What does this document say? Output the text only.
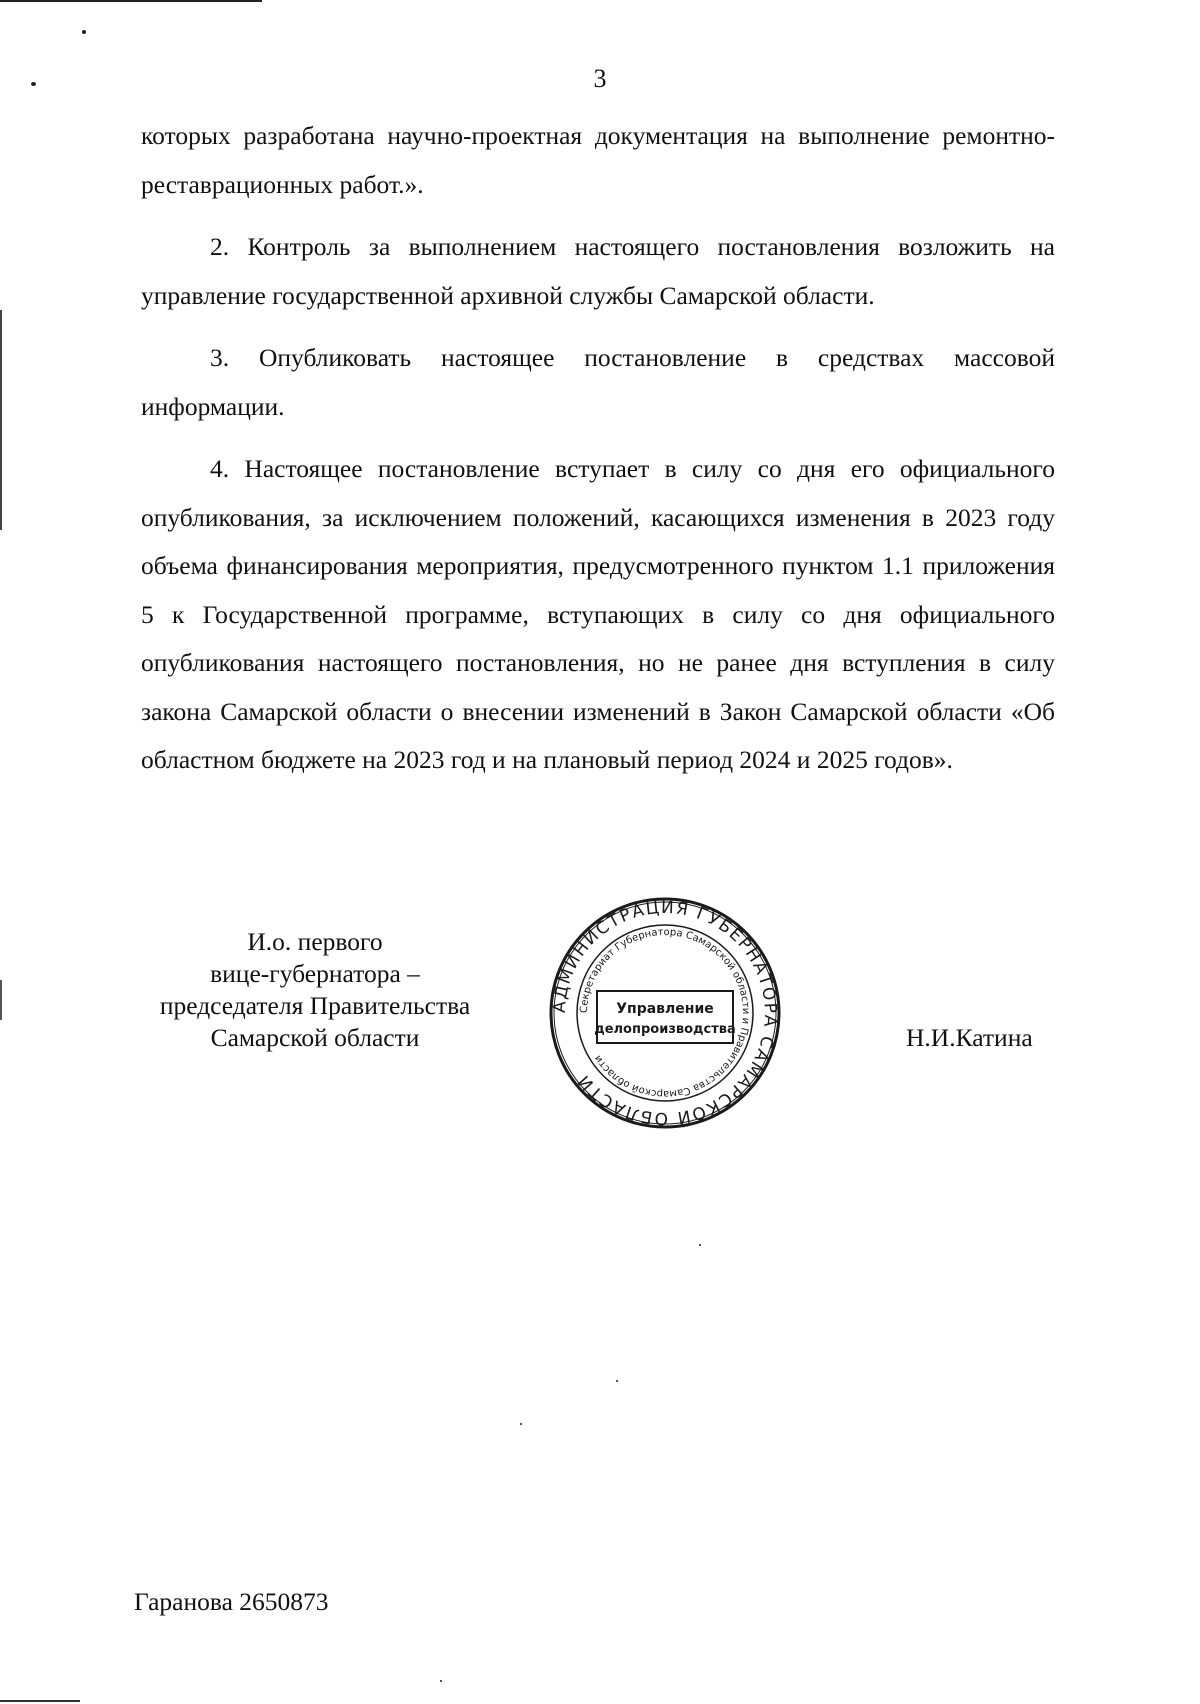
3

которых разработана научно-проектная документация на выполнение ремонтно-реставрационных работ.».

2. Контроль за выполнением настоящего постановления возложить на управление государственной архивной службы Самарской области.

3. Опубликовать настоящее постановление в средствах массовой информации.

4. Настоящее постановление вступает в силу со дня его официального опубликования, за исключением положений, касающихся изменения в 2023 году объема финансирования мероприятия, предусмотренного пунктом 1.1 приложения 5 к Государственной программе, вступающих в силу со дня официального опубликования настоящего постановления, но не ранее дня вступления в силу закона Самарской области о внесении изменений в Закон Самарской области «Об областном бюджете на 2023 год и на плановый период 2024 и 2025 годов».

И.о. первого
вице-губернатора –
председателя Правительства
Самарской области
АДМИНИСТРАЦИЯ ГУБЕРНАТОРА САМАРСКОЙ ОБЛАСТИ
Секретариат Губернатора Самарской области и Правительства Самарской области
Управление
делопроизводства	Н.И.Катина
Гаранова 2650873
